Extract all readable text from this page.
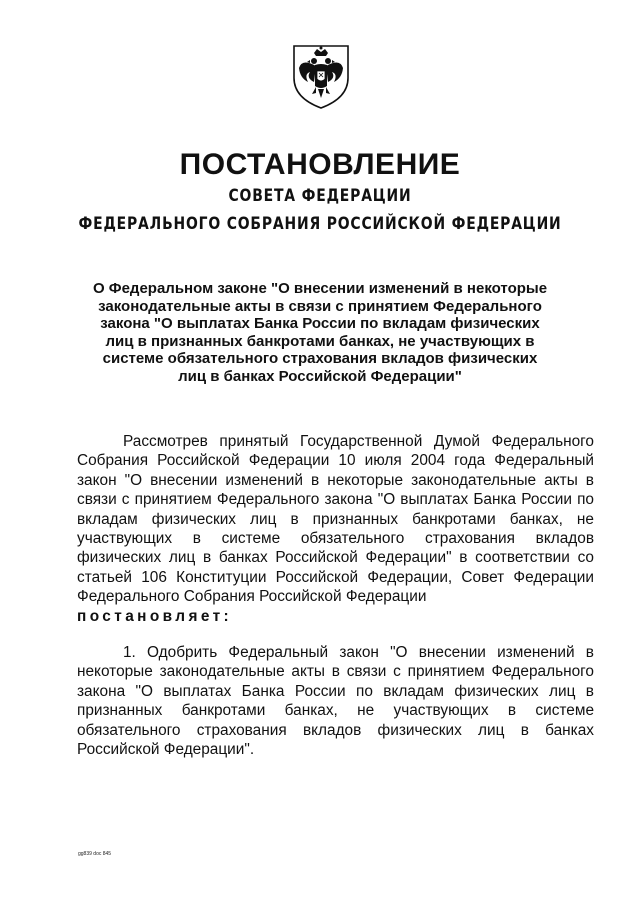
ПОСТАНОВЛЕНИЕ
СОВЕТА ФЕДЕРАЦИИ
ФЕДЕРАЛЬНОГО СОБРАНИЯ РОССИЙСКОЙ ФЕДЕРАЦИИ
О Федеральном законе "О внесении изменений в некоторые законодательные акты в связи с принятием Федерального закона "О выплатах Банка России по вкладам физических лиц в признанных банкротами банках, не участвующих в системе обязательного страхования вкладов физических лиц в банках Российской Федерации"
Рассмотрев принятый Государственной Думой Федерального Собрания Российской Федерации 10 июля 2004 года Федеральный закон "О внесении изменений в некоторые законодательные акты в связи с принятием Федерального закона "О выплатах Банка России по вкладам физических лиц в признанных банкротами банках, не участвующих в системе обязательного страхования вкладов физических лиц в банках Российской Федерации" в соответствии со статьей 106 Конституции Российской Федерации, Совет Федерации Федерального Собрания Российской Федерации
постановляет:
1. Одобрить Федеральный закон "О внесении изменений в некоторые законодательные акты в связи с принятием Федерального закона "О выплатах Банка России по вкладам физических лиц в признанных банкротами банках, не участвующих в системе обязательного страхования вкладов физических лиц в банках Российской Федерации".
gg839 doc 845
